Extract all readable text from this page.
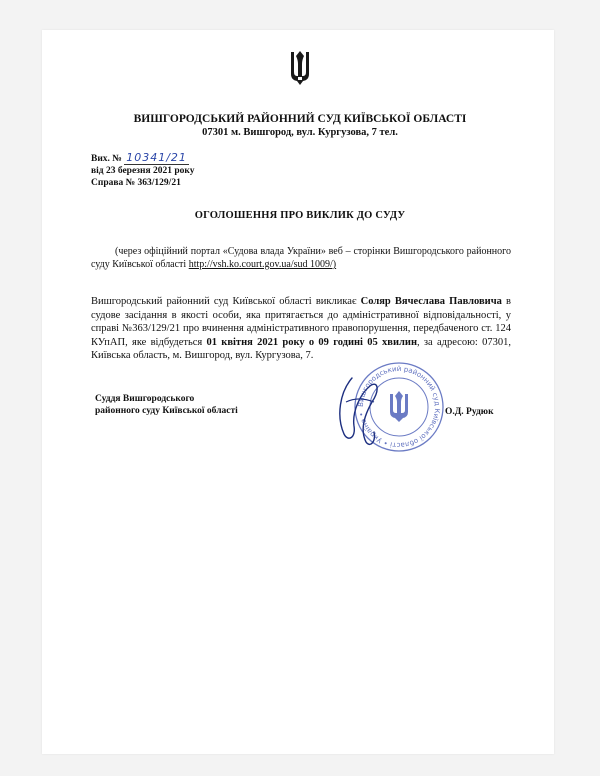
ВИШГОРОДСЬКИЙ РАЙОННИЙ СУД КИЇВСЬКОЇ ОБЛАСТІ
07301 м. Вишгород, вул. Кургузова, 7 тел.
Вих. № 10341/21
від 23 березня 2021 року
Справа № 363/129/21
ОГОЛОШЕННЯ ПРО ВИКЛИК ДО СУДУ
(через офіційний портал «Судова влада України» веб – сторінки Вишгородського районного суду Київської області http://vsh.ko.court.gov.ua/sud 1009/)
Вишгородський районний суд Київської області викликає Соляр Вячеслава Павловича в судове засідання в якості особи, яка притягається до адміністративної відповідальності, у справі №363/129/21 про вчинення адміністративного правопорушення, передбаченого ст. 124 КУпАП, яке відбудеться 01 квітня 2021 року о 09 годині 05 хвилин, за адресою: 07301, Київська область, м. Вишгород, вул. Кургузова, 7.
Суддя Вишгородського
районного суду Київської області
Вишгородський районний суд Київської області • Україна •	О.Д. Рудюк
